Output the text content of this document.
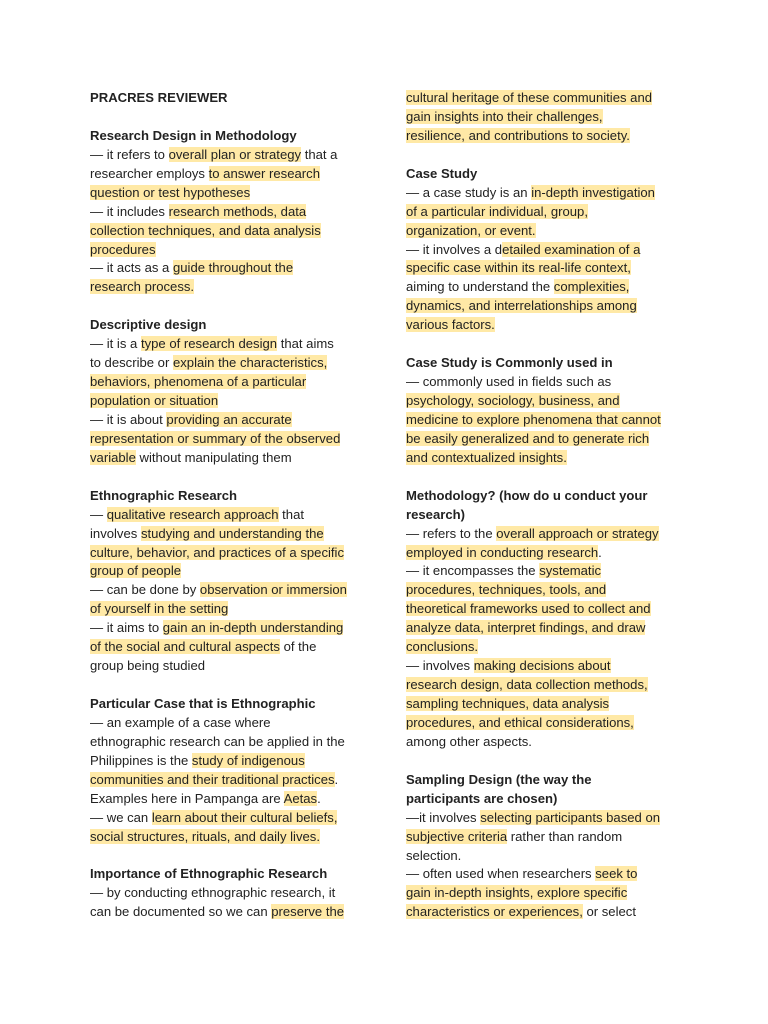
PRACRES REVIEWER
Research Design in Methodology
— it refers to overall plan or strategy that a
researcher employs to answer research
question or test hypotheses
— it includes research methods, data
collection techniques, and data analysis
procedures
— it acts as a guide throughout the
research process.
Descriptive design
— it is a type of research design that aims
to describe or explain the characteristics,
behaviors, phenomena of a particular
population or situation
— it is about providing an accurate
representation or summary of the observed
variable without manipulating them
Ethnographic Research
— qualitative research approach that
involves studying and understanding the
culture, behavior, and practices of a specific
group of people
— can be done by observation or immersion
of yourself in the setting
— it aims to gain an in-depth understanding
of the social and cultural aspects of the
group being studied
Particular Case that is Ethnographic
— an example of a case where
ethnographic research can be applied in the
Philippines is the study of indigenous
communities and their traditional practices.
Examples here in Pampanga are Aetas.
— we can learn about their cultural beliefs,
social structures, rituals, and daily lives.
Importance of Ethnographic Research
— by conducting ethnographic research, it
can be documented so we can preserve the
cultural heritage of these communities and
gain insights into their challenges,
resilience, and contributions to society.
Case Study
— a case study is an in-depth investigation
of a particular individual, group,
organization, or event.
— it involves a detailed examination of a
specific case within its real-life context,
aiming to understand the complexities,
dynamics, and interrelationships among
various factors.
Case Study is Commonly used in
— commonly used in fields such as
psychology, sociology, business, and
medicine to explore phenomena that cannot
be easily generalized and to generate rich
and contextualized insights.
Methodology? (how do u conduct your
research)
— refers to the overall approach or strategy
employed in conducting research.
— it encompasses the systematic
procedures, techniques, tools, and
theoretical frameworks used to collect and
analyze data, interpret findings, and draw
conclusions.
— involves making decisions about
research design, data collection methods,
sampling techniques, data analysis
procedures, and ethical considerations,
among other aspects.
Sampling Design (the way the
participants are chosen)
—it involves selecting participants based on
subjective criteria rather than random
selection.
— often used when researchers seek to
gain in-depth insights, explore specific
characteristics or experiences, or select
